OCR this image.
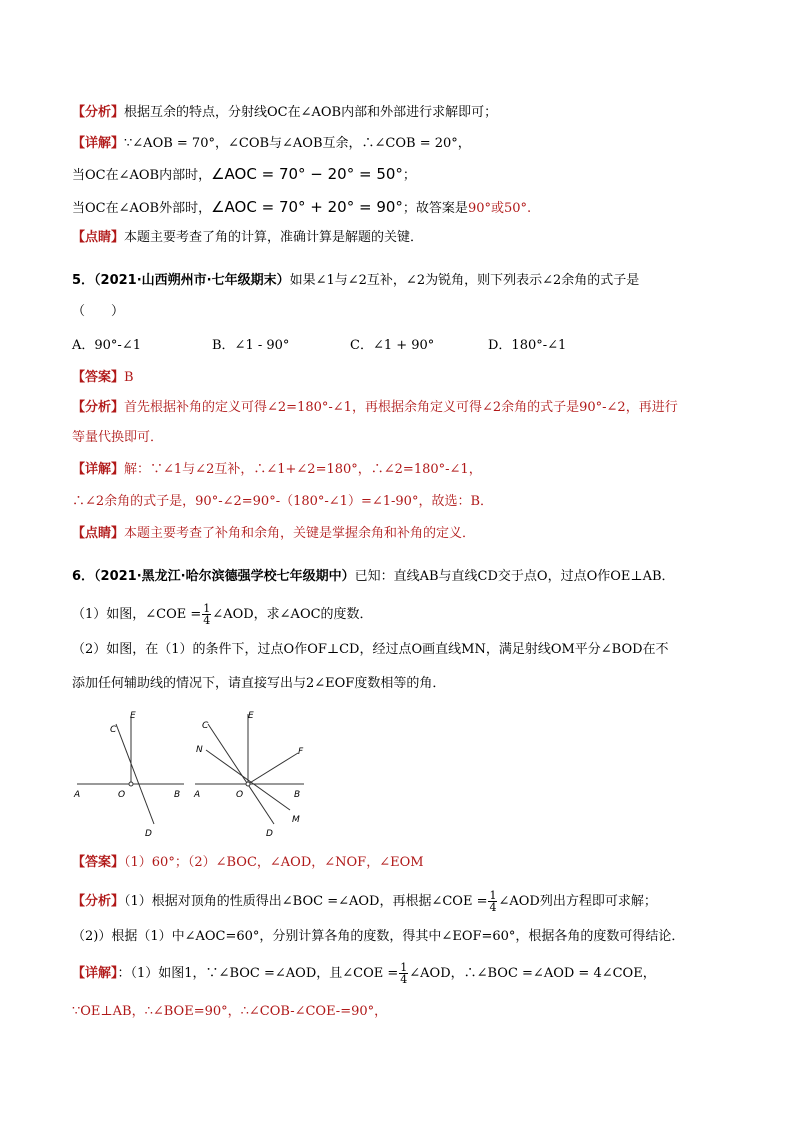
【分析】根据互余的特点，分射线OC在∠AOB内部和外部进行求解即可；
【详解】∵∠AOB = 70°，∠COB与∠AOB互余，∴∠COB = 20°，
当OC在∠AOB内部时，∠AOC = 70° − 20° = 50°；
当OC在∠AOB外部时，∠AOC = 70° + 20° = 90°；故答案是90°或50°.
【点睛】本题主要考查了角的计算，准确计算是解题的关键．
5．（2021·山西朔州市·七年级期末）如果∠1与∠2互补，∠2为锐角，则下列表示∠2余角的式子是
（　　）
A．90°-∠1	B．∠1 - 90°	C．∠1 + 90°	D．180°-∠1
【答案】B
【分析】首先根据补角的定义可得∠2=180°-∠1，再根据余角定义可得∠2余角的式子是90°-∠2，再进行
等量代换即可．
【详解】解：∵∠1与∠2互补，∴∠1+∠2=180°，∴∠2=180°-∠1，
∴∠2余角的式子是，90°-∠2=90°-（180°-∠1）=∠1-90°，故选：B．
【点睛】本题主要考查了补角和余角，关键是掌握余角和补角的定义．
6．（2021·黑龙江·哈尔滨德强学校七年级期中）已知：直线AB与直线CD交于点O，过点O作OE⊥AB．
（1）如图，∠COE = $\frac{1}{4}$ ∠AOD，求∠AOC的度数．
（2）如图，在（1）的条件下，过点O作OF⊥CD，经过点O画直线MN，满足射线OM平分∠BOD在不
添加任何辅助线的情况下，请直接写出与2∠EOF度数相等的角．
C
E
A	O	B
D
E
C
N	F
A	O	B
M
D
【答案】（1）60°；（2）∠BOC，∠AOD，∠NOF，∠EOM
【分析】（1）根据对顶角的性质得出∠BOC =∠AOD，再根据∠COE = $\frac{1}{4}$ ∠AOD列出方程即可求解；
（2)）根据（1）中∠AOC=60°，分别计算各角的度数，得其中∠EOF=60°，根据各角的度数可得结论．
【详解】：（1）如图1，∵∠BOC =∠AOD，且∠COE = $\frac{1}{4}$ ∠AOD，∴∠BOC =∠AOD = 4∠COE，
∵OE⊥AB，∴∠BOE=90°，∴∠COB-∠COE-=90°，
